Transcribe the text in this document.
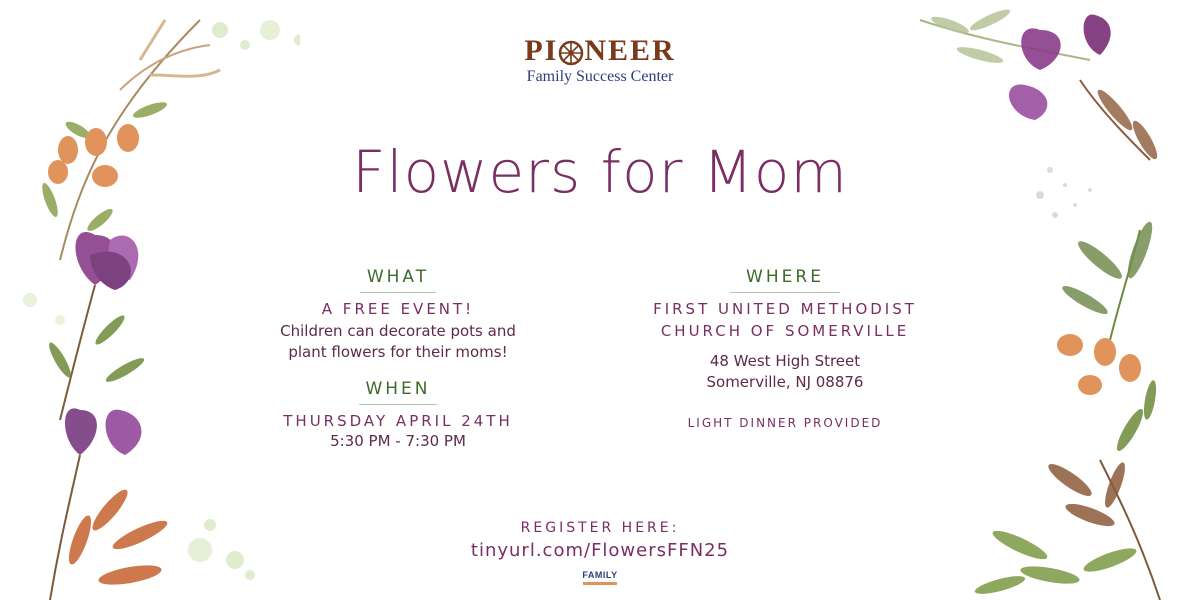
PI NEER
Family Success Center
Flowers for Mom
WHAT
A FREE EVENT!
Children can decorate pots and
plant flowers for their moms!
WHEN
THURSDAY APRIL 24TH
5:30 PM - 7:30 PM
WHERE
FIRST UNITED METHODIST
CHURCH OF SOMERVILLE
48 West High Street
Somerville, NJ 08876
LIGHT DINNER PROVIDED
REGISTER HERE:
tinyurl.com/FlowersFFN25
FAMILY
